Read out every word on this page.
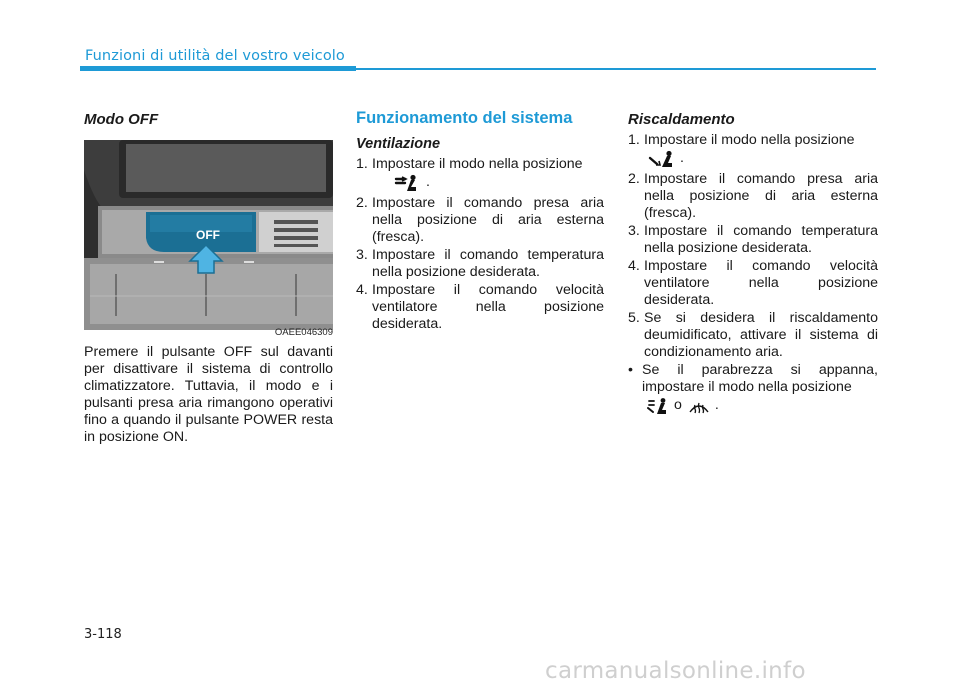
Funzioni di utilità del vostro veicolo

Modo OFF

OFF
OAEE046309

Premere il pulsante OFF sul davanti per disattivare il sistema di controllo climatizzatore. Tuttavia, il modo e i pulsanti presa aria rimangono operativi fino a quando il pulsante POWER resta in posizione ON.

Funzionamento del sistema

Ventilazione

1. Impostare il modo nella posizione
.
2. Impostare il comando presa aria nella posizione di aria esterna (fresca).
3. Impostare il comando temperatura nella posizione desiderata.
4. Impostare il comando velocità ventilatore nella posizione desiderata.

Riscaldamento

1. Impostare il modo nella posizione
.
2. Impostare il comando presa aria nella posizione di aria esterna (fresca).
3. Impostare il comando temperatura nella posizione desiderata.
4. Impostare il comando velocità ventilatore nella posizione desiderata.
5. Se si desidera il riscaldamento deumidificato, attivare il sistema di condizionamento aria.
• Se il parabrezza si appanna, impostare il modo nella posizione
o .
3-118
carmanualsonline.info
